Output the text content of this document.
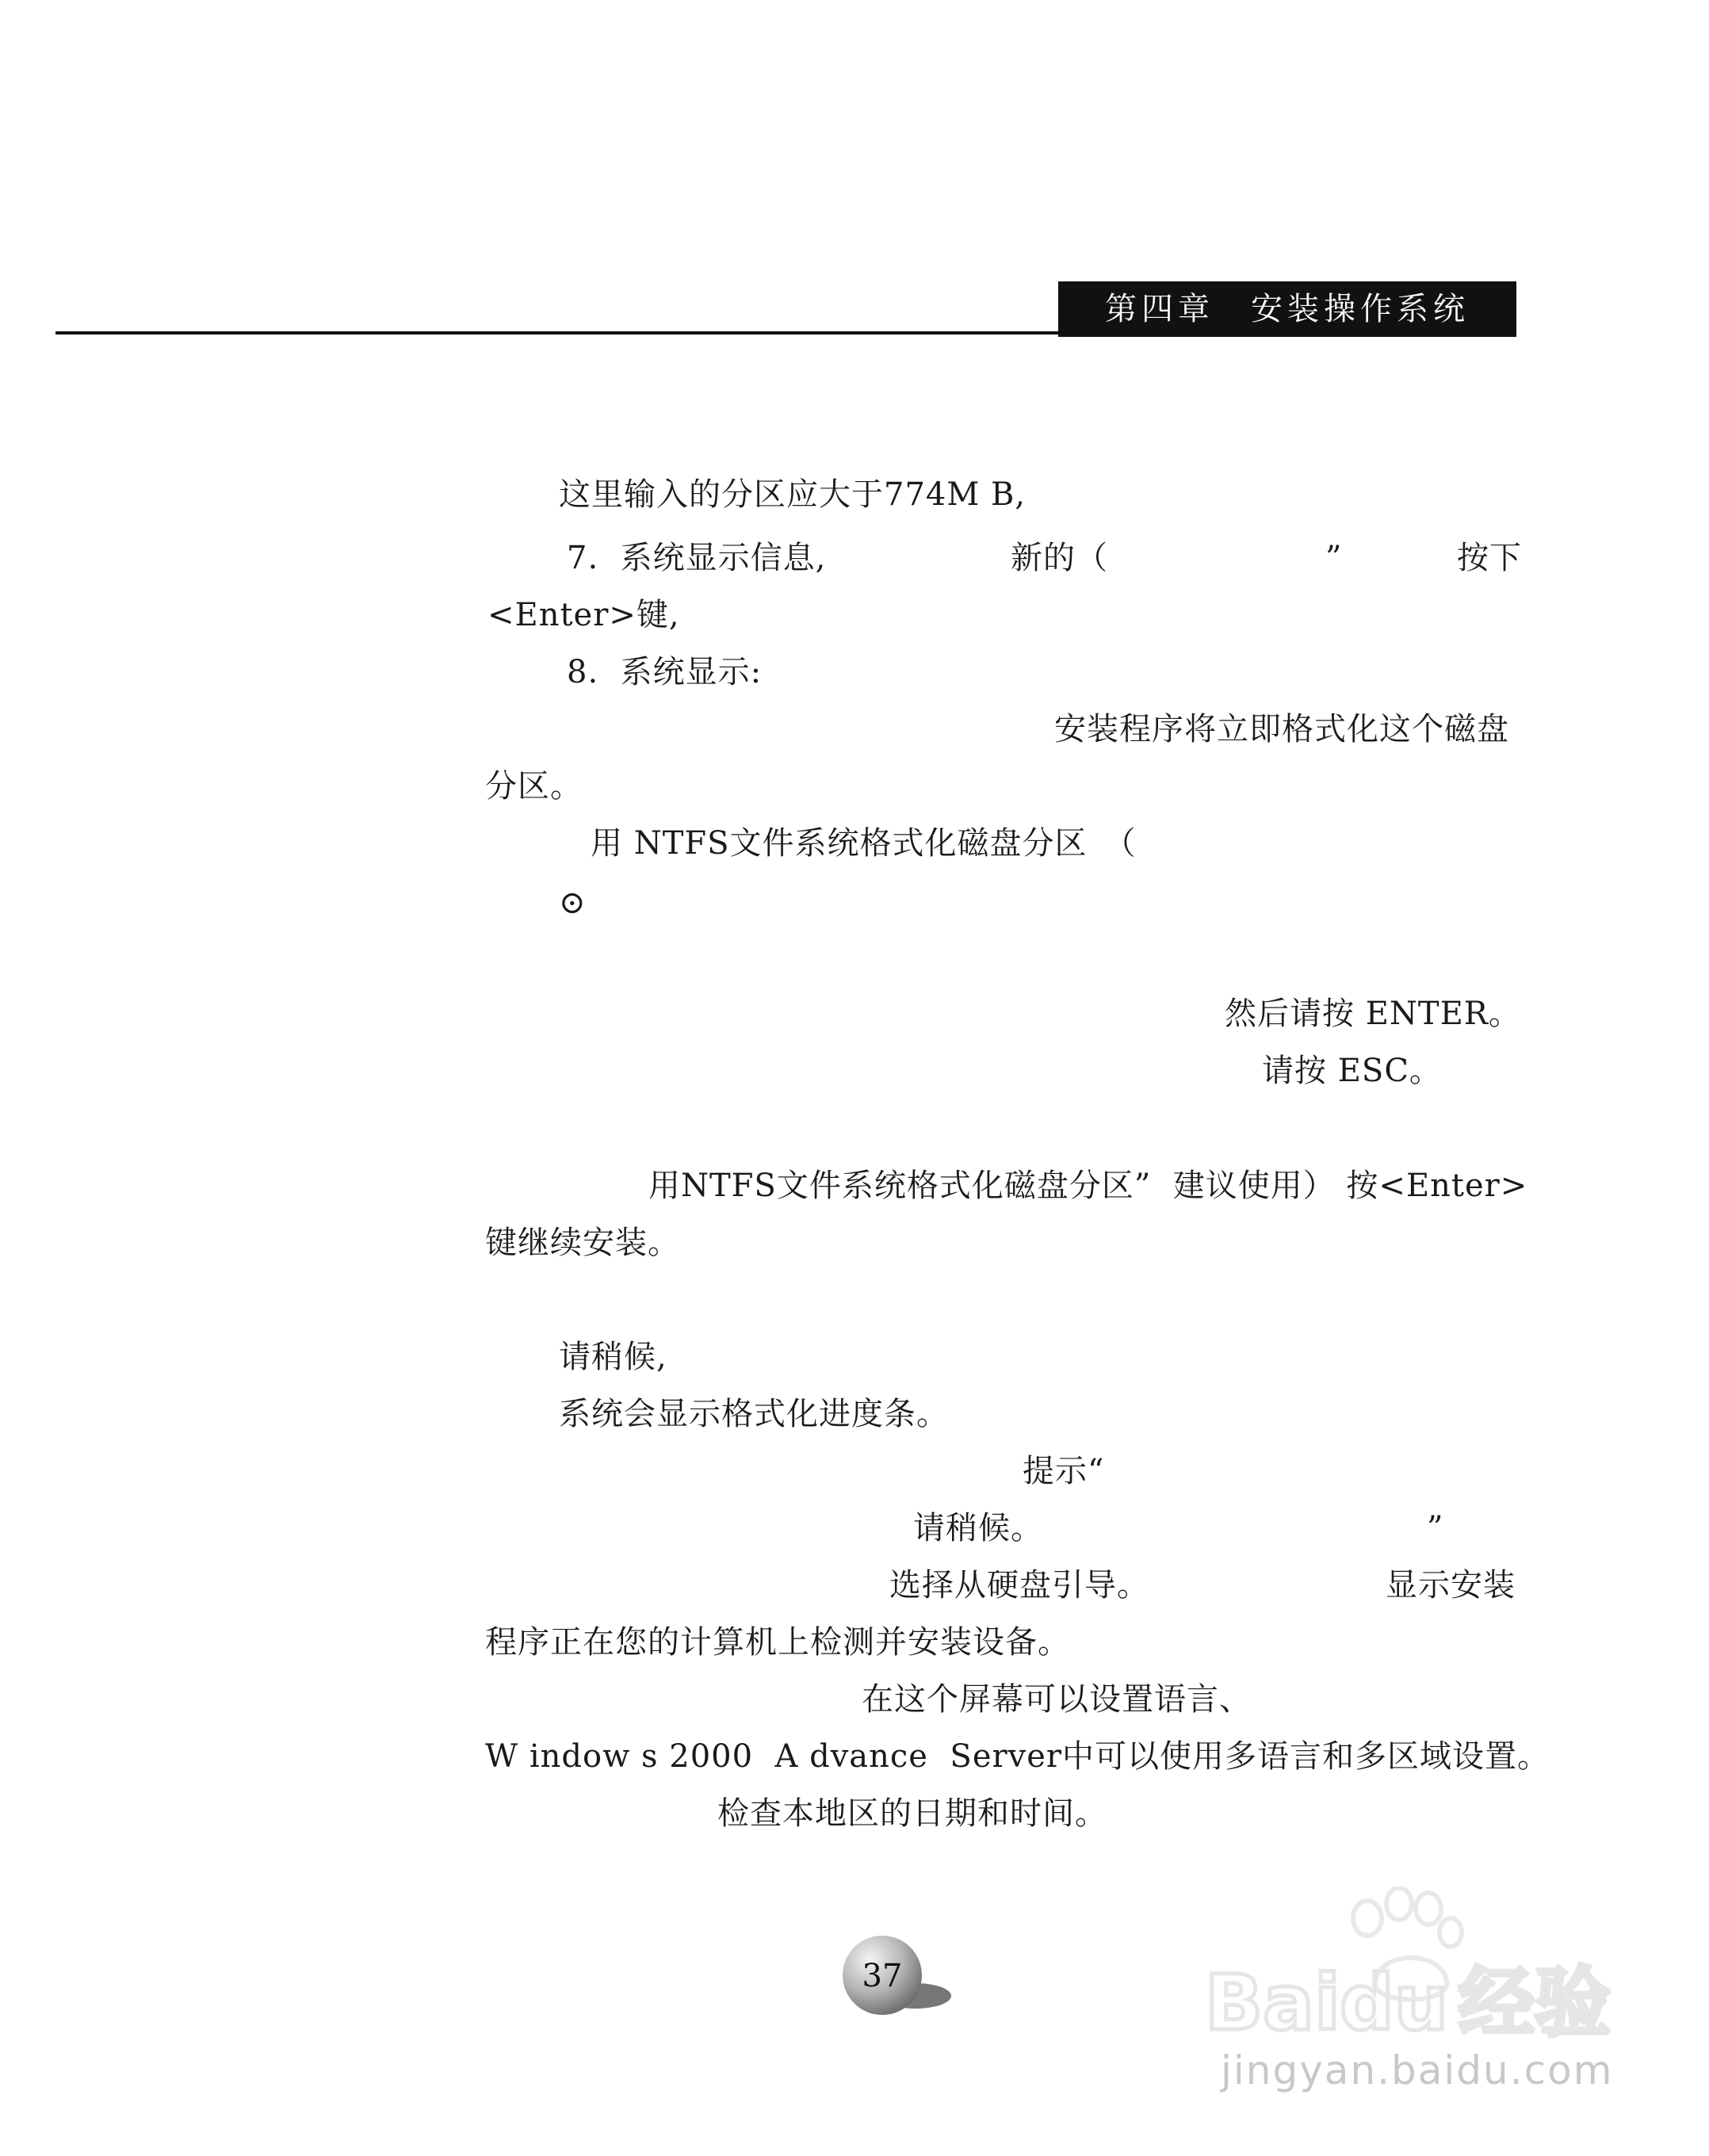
第四章　安装操作系统
这里输入的分区应大于774M B,
7.  系统显示信息,	新的（	”	按下
<Enter>键,
8.  系统显示:
安装程序将立即格式化这个磁盘
分区。
用 NTFS文件系统格式化磁盘分区　（
⊙
然后请按 ENTER。
请按 ESC。
用NTFS文件系统格式化磁盘分区”  建议使用） 按<Enter>
键继续安装。
请稍候,
系统会显示格式化进度条。
提示“
请稍候。	”
选择从硬盘引导。	显示安装
程序正在您的计算机上检测并安装设备。
在这个屏幕可以设置语言、
W indow s 2000  A dvance  Server中可以使用多语言和多区域设置。
检查本地区的日期和时间。
37	Bai du 经验
jingyan.baidu.com
